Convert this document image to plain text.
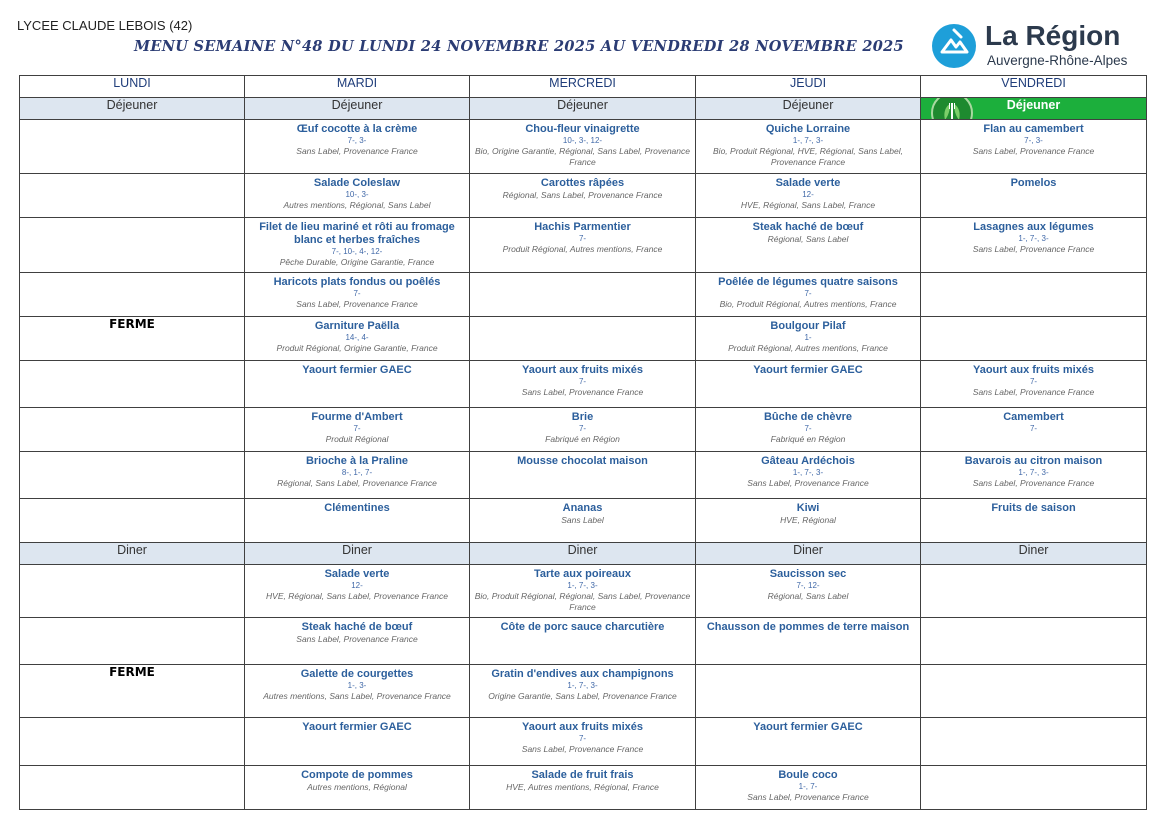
LYCEE CLAUDE LEBOIS (42)
MENU SEMAINE N°48 DU LUNDI 24 NOVEMBRE 2025 AU VENDREDI 28 NOVEMBRE 2025	La Région
Auvergne-Rhône-Alpes
LUNDI	MARDI	MERCREDI	JEUDI	VENDREDI
Déjeuner	Déjeuner	Déjeuner	Déjeuner	Déjeuner

	Œuf cocotte à la crème
7-, 3-
Sans Label, Provenance France	Chou-fleur vinaigrette
10-, 3-, 12-
Bio, Origine Garantie, Régional, Sans Label, Provenance France	Quiche Lorraine
1-, 7-, 3-
Bio, Produit Régional, HVE, Régional, Sans Label, Provenance France	Flan au camembert
7-, 3-
Sans Label, Provenance France

	Salade Coleslaw
10-, 3-
Autres mentions, Régional, Sans Label	Carottes râpées
Régional, Sans Label, Provenance France	Salade verte
12-
HVE, Régional, Sans Label, France	Pomelos

	Filet de lieu mariné et rôti au fromage blanc et herbes fraîches
7-, 10-, 4-, 12-
Pêche Durable, Origine Garantie, France	Hachis Parmentier
7-
Produit Régional, Autres mentions, France	Steak haché de bœuf
Régional, Sans Label	Lasagnes aux légumes
1-, 7-, 3-
Sans Label, Provenance France

	Haricots plats fondus ou poêlés
7-
Sans Label, Provenance France		Poêlée de légumes quatre saisons
7-
Bio, Produit Régional, Autres mentions, France	

FERME	Garniture Paëlla
14-, 4-
Produit Régional, Origine Garantie, France		Boulgour Pilaf
1-
Produit Régional, Autres mentions, France	

	Yaourt fermier GAEC	Yaourt aux fruits mixés
7-
Sans Label, Provenance France	Yaourt fermier GAEC	Yaourt aux fruits mixés
7-
Sans Label, Provenance France

	Fourme d'Ambert
7-
Produit Régional	Brie
7-
Fabriqué en Région	Bûche de chèvre
7-
Fabriqué en Région	Camembert
7-

	Brioche à la Praline
8-, 1-, 7-
Régional, Sans Label, Provenance France	Mousse chocolat maison	Gâteau Ardéchois
1-, 7-, 3-
Sans Label, Provenance France	Bavarois au citron maison
1-, 7-, 3-
Sans Label, Provenance France

	Clémentines	Ananas
Sans Label	Kiwi
HVE, Régional	Fruits de saison

Diner	Diner	Diner	Diner	Diner

	Salade verte
12-
HVE, Régional, Sans Label, Provenance France	Tarte aux poireaux
1-, 7-, 3-
Bio, Produit Régional, Régional, Sans Label, Provenance France	Saucisson sec
7-, 12-
Régional, Sans Label	

	Steak haché de bœuf
Sans Label, Provenance France	Côte de porc sauce charcutière	Chausson de pommes de terre maison	

FERME	Galette de courgettes
1-, 3-
Autres mentions, Sans Label, Provenance France	Gratin d'endives aux champignons
1-, 7-, 3-
Origine Garantie, Sans Label, Provenance France		

	Yaourt fermier GAEC	Yaourt aux fruits mixés
7-
Sans Label, Provenance France	Yaourt fermier GAEC	

	Compote de pommes
Autres mentions, Régional	Salade de fruit frais
HVE, Autres mentions, Régional, France	Boule coco
1-, 7-
Sans Label, Provenance France	
